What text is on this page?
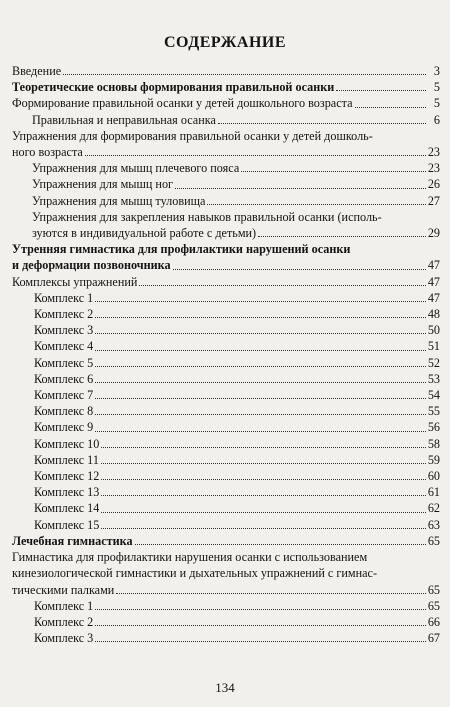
СОДЕРЖАНИЕ
Введение	3
Теоретические основы формирования правильной осанки	5
Формирование правильной осанки у детей дошкольного возраста	5
Правильная и неправильная осанка	6
Упражнения для формирования правильной осанки у детей дошколь-
ного возраста	23
Упражнения для мышц плечевого пояса	23
Упражнения для мышц ног	26
Упражнения для мышц туловища	27
Упражнения для закрепления навыков правильной осанки (исполь-
зуются в индивидуальной работе с детьми)	29
Утренняя гимнастика для профилактики нарушений осанки
и деформации позвоночника	47
Комплексы упражнений	47
Комплекс 1	47
Комплекс 2	48
Комплекс 3	50
Комплекс 4	51
Комплекс 5	52
Комплекс 6	53
Комплекс 7	54
Комплекс 8	55
Комплекс 9	56
Комплекс 10	58
Комплекс 11	59
Комплекс 12	60
Комплекс 13	61
Комплекс 14	62
Комплекс 15	63
Лечебная гимнастика	65
Гимнастика для профилактики нарушения осанки с использованием
кинезиологической гимнастики и дыхательных упражнений с гимнас-
тическими палками	65
Комплекс 1	65
Комплекс 2	66
Комплекс 3	67
134
